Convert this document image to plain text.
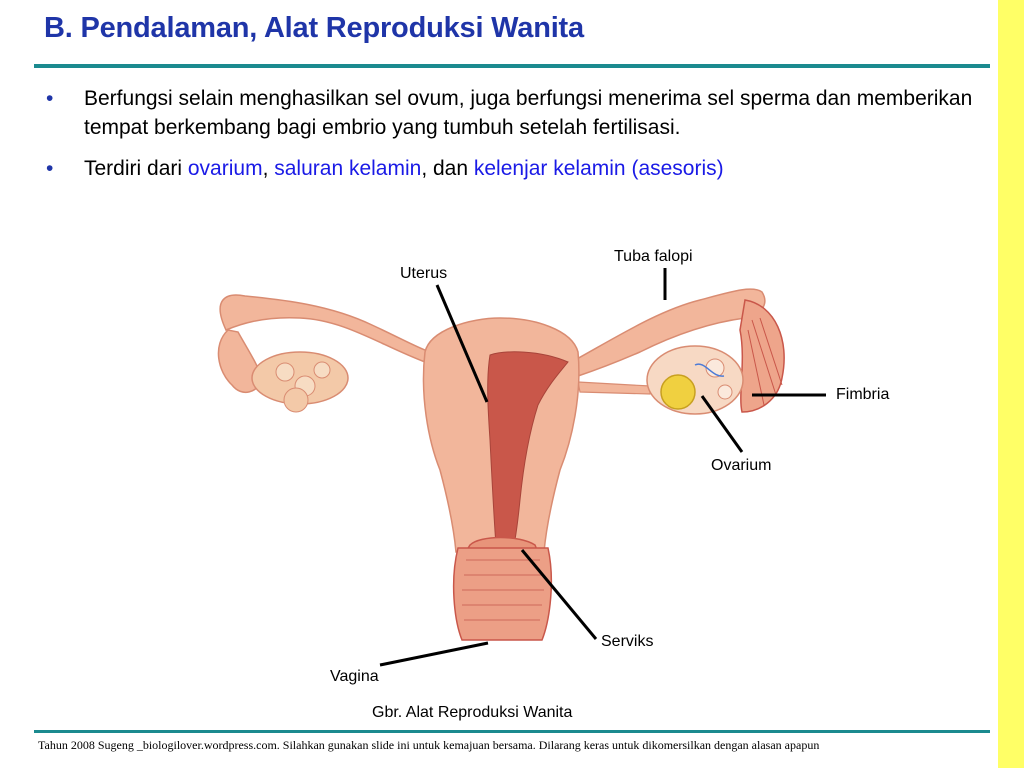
B. Pendalaman, Alat Reproduksi Wanita
• Berfungsi selain menghasilkan sel ovum, juga berfungsi menerima sel sperma dan memberikan tempat berkembang bagi embrio yang tumbuh setelah fertilisasi.
• Terdiri dari ovarium, saluran kelamin, dan kelenjar kelamin (asesoris)
Tuba falopi
Uterus
Fimbria
Ovarium
Serviks
Vagina
Gbr. Alat Reproduksi Wanita
Tahun 2008 Sugeng _biologilover.wordpress.com. Silahkan gunakan slide ini untuk kemajuan bersama. Dilarang keras untuk dikomersilkan dengan alasan apapun
